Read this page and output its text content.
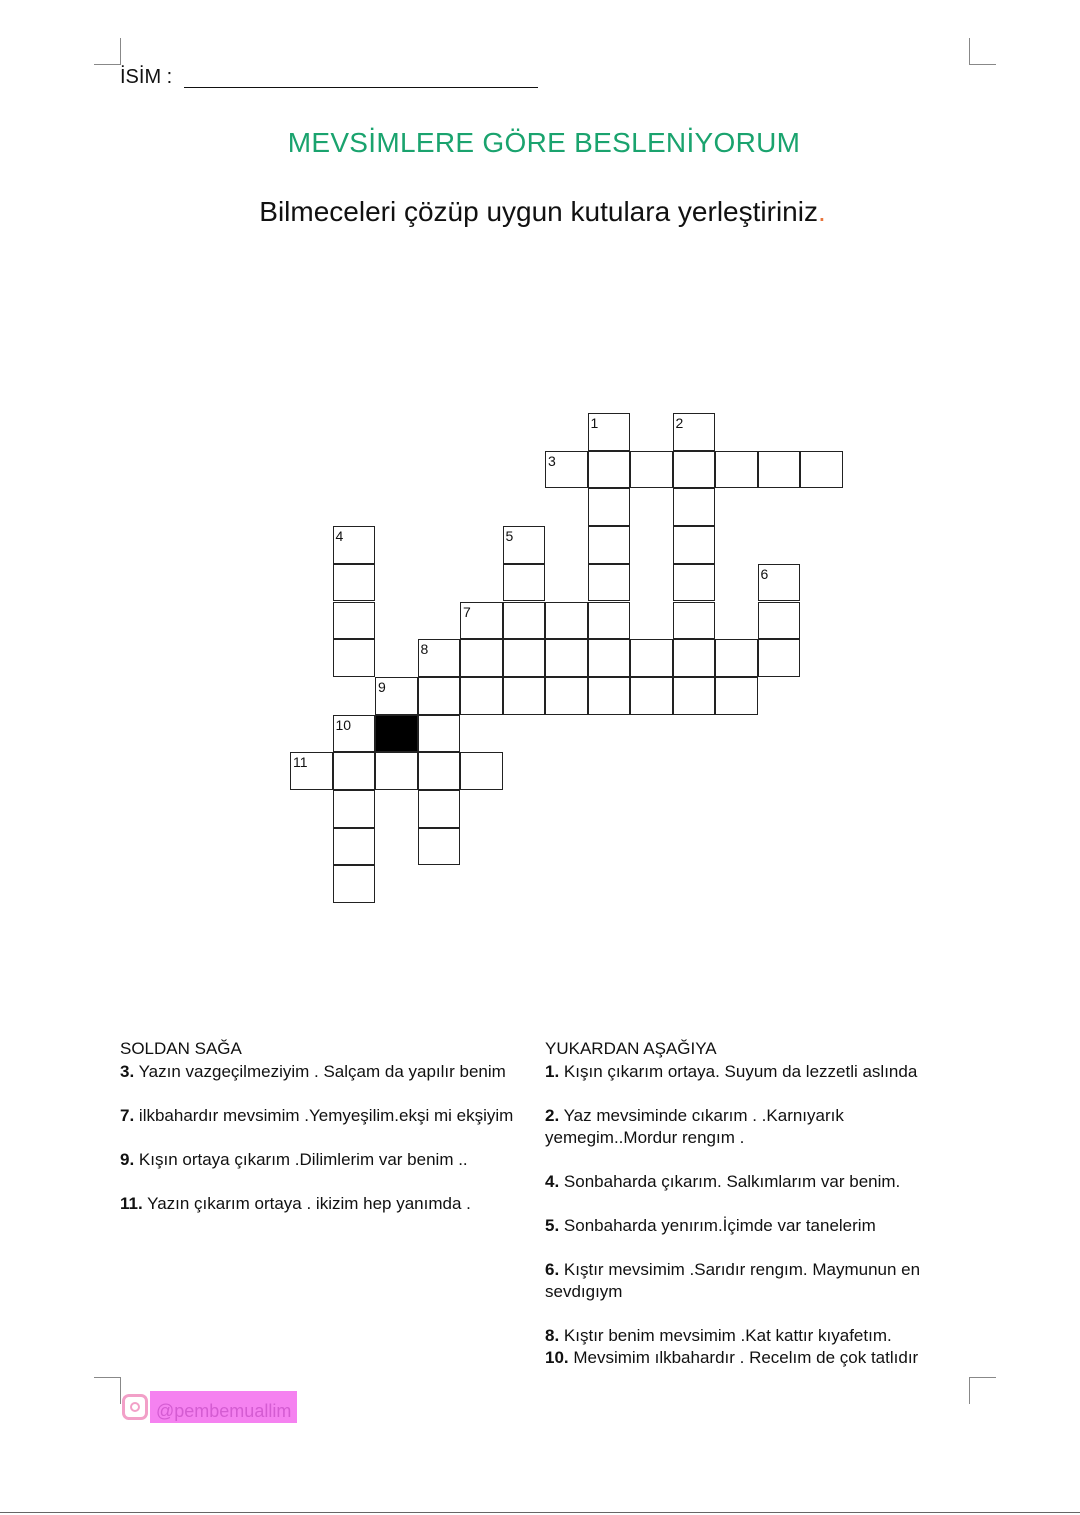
İSİM :
MEVSİMLERE GÖRE BESLENİYORUM
Bilmeceleri çözüp uygun kutulara yerleştiriniz.
1	2
3
4	5
6
7
8
9
10
11
SOLDAN SAĞA

3. Yazın vazgeçilmeziyim . Salçam da yapılır benim

7. ilkbahardır mevsimim .Yemyeşilim.ekşi mi ekşiyim

9. Kışın ortaya çıkarım .Dilimlerim var benim ..

11. Yazın çıkarım ortaya . ikizim hep yanımda .

YUKARDAN AŞAĞIYA

1. Kışın çıkarım ortaya. Suyum da lezzetli aslında

2. Yaz mevsiminde cıkarım . .Karnıyarık yemegim..Mordur rengım .

4. Sonbaharda çıkarım. Salkımlarım var benim.

5. Sonbaharda yenırım.İçimde var tanelerim

6. Kıştır mevsimim .Sarıdır rengım. Maymunun en sevdıgıym

8. Kıştır benim mevsimim .Kat kattır kıyafetım.

10. Mevsimim ılkbahardır . Recelım de çok tatlıdır

@pembemuallim
